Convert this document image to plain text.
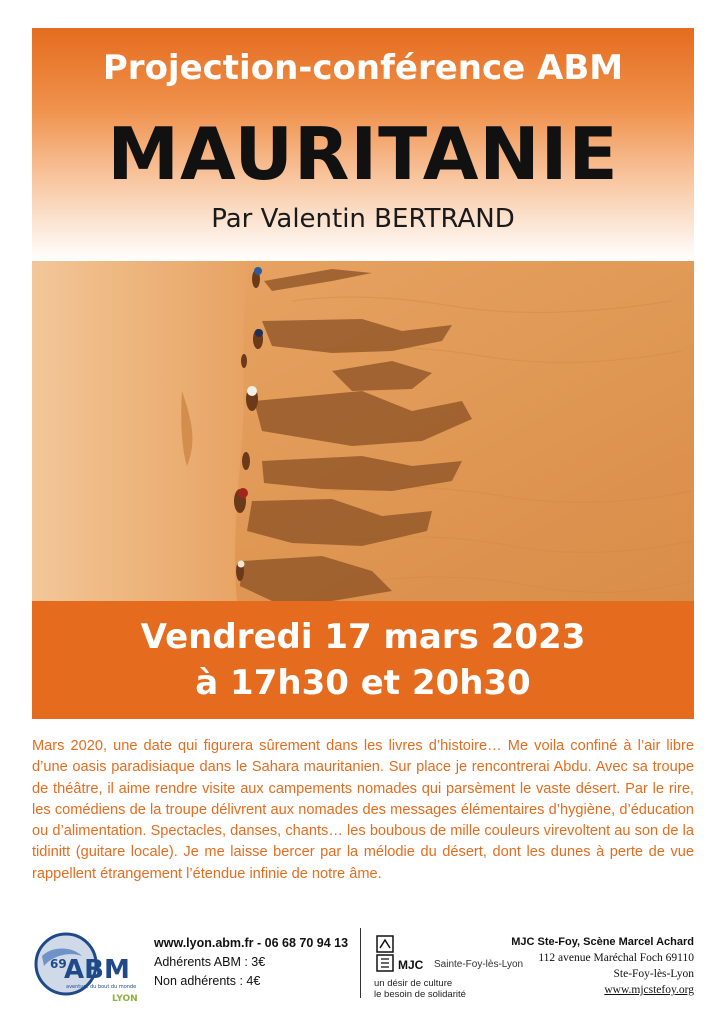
Projection-conférence ABM
MAURITANIE
Par Valentin BERTRAND
Vendredi 17 mars 2023
à 17h30 et 20h30

Mars 2020, une date qui figurera sûrement dans les livres d’histoire… Me voila confiné à l’air libre d’une oasis paradisiaque dans le Sahara mauritanien. Sur place je rencontrerai Abdu. Avec sa troupe de théâtre, il aime rendre visite aux campements nomades qui parsèment le vaste désert. Par le rire, les comédiens de la troupe délivrent aux nomades des messages élémentaires d’hygiène, d’éducation ou d’alimentation. Spectacles, danses, chants… les boubous de mille couleurs virevoltent au son de la tidinitt (guitare locale). Je me laisse bercer par la mélodie du désert, dont les dunes à perte de vue rappellent étrangement l’étendue infinie de notre âme.

69
ABM
aventure du bout du monde
LYON
www.lyon.abm.fr - 06 68 70 94 13
Adhérents ABM : 3€
Non adhérents : 4€
MJC Sainte-Foy-lès-Lyon
un désir de culture
le besoin de solidarité
MJC Ste-Foy, Scène Marcel Achard
112 avenue Maréchal Foch 69110
Ste-Foy-lès-Lyon
www.mjcstefoy.org
